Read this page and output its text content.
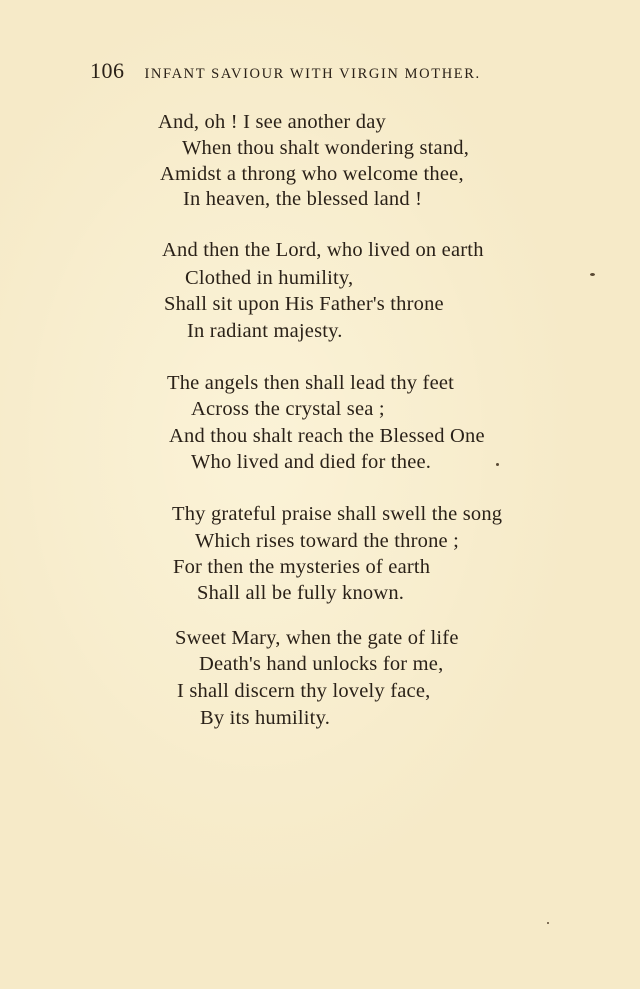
106 INFANT SAVIOUR WITH VIRGIN MOTHER.
And, oh ! I see another day
When thou shalt wondering stand,
Amidst a throng who welcome thee,
In heaven, the blessed land !
And then the Lord, who lived on earth
Clothed in humility,
Shall sit upon His Father's throne
In radiant majesty.
The angels then shall lead thy feet
Across the crystal sea ;
And thou shalt reach the Blessed One
Who lived and died for thee.
Thy grateful praise shall swell the song
Which rises toward the throne ;
For then the mysteries of earth
Shall all be fully known.
Sweet Mary, when the gate of life
Death's hand unlocks for me,
I shall discern thy lovely face,
By its humility.
